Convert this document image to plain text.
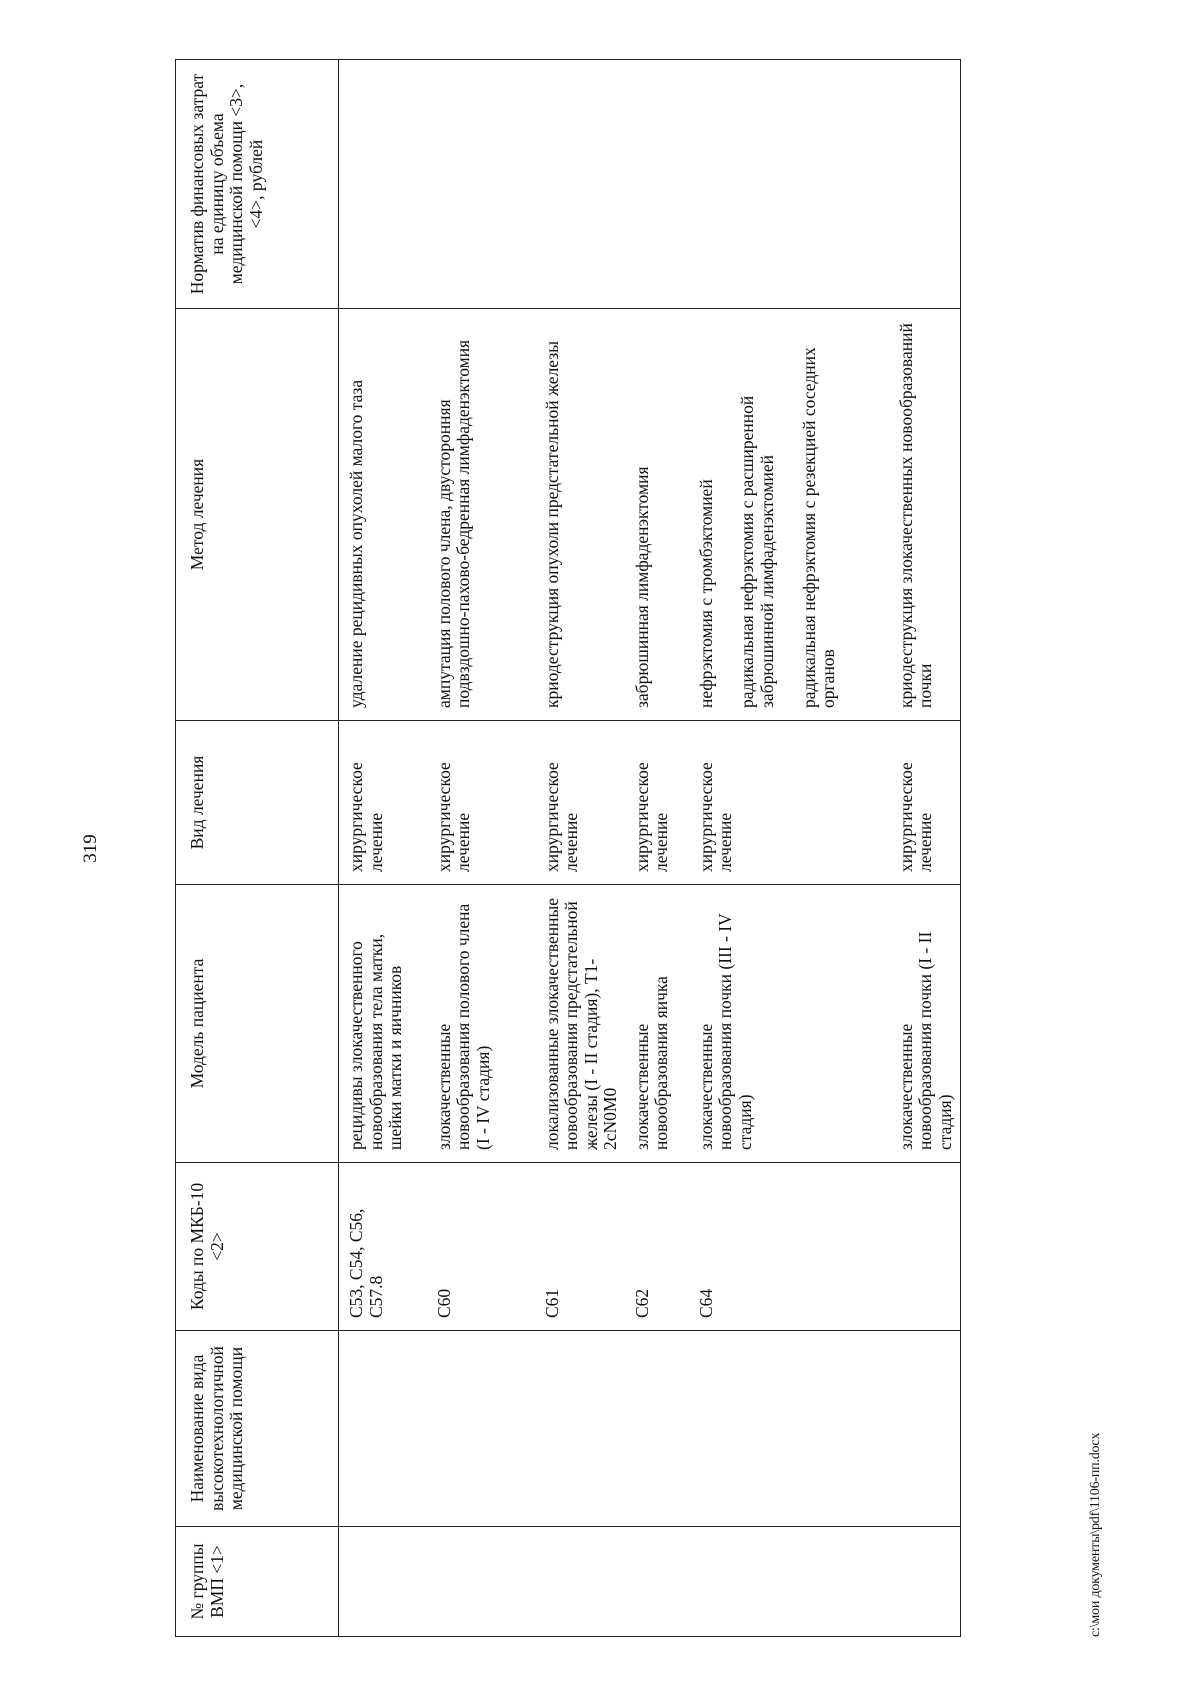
319
№ группы ВМП <1>	Наименование вида высокотехнологичной медицинской помощи	Коды по МКБ-10 <2>	Модель пациента	Вид лечения	Метод лечения	Норматив финансовых затрат на единицу объема медицинской помощи <3>, <4>, рублей
		C53, C54, C56, C57.8	рецидивы злокачественного новообразования тела матки, шейки матки и яичников	хирургическое лечение	удаление рецидивных опухолей малого таза	

		C60	злокачественные новообразования полового члена (I - IV стадия)	хирургическое лечение	ампутация полового члена, двусторонняя подвздошно-пахово-бедренная лимфаденэктомия	

		C61	локализованные злокачественные новообразования предстательной железы (I - II стадия), T1-2cN0M0	хирургическое лечение	криодеструкция опухоли предстательной железы	

		C62	злокачественные новообразования яичка	хирургическое лечение	забрюшинная лимфаденэктомия	

		C64	злокачественные новообразования почки (III - IV стадия)	хирургическое лечение	нефрэктомия с тромбэктомией радикальная нефрэктомия с расширенной забрюшинной лимфаденэктомией радикальная нефрэктомия с резекцией соседних органов	

			злокачественные новообразования почки (I - II стадия)	хирургическое лечение	криодеструкция злокачественных новообразований почки	

c:\мои документы\pdf\1106-пп.docx
